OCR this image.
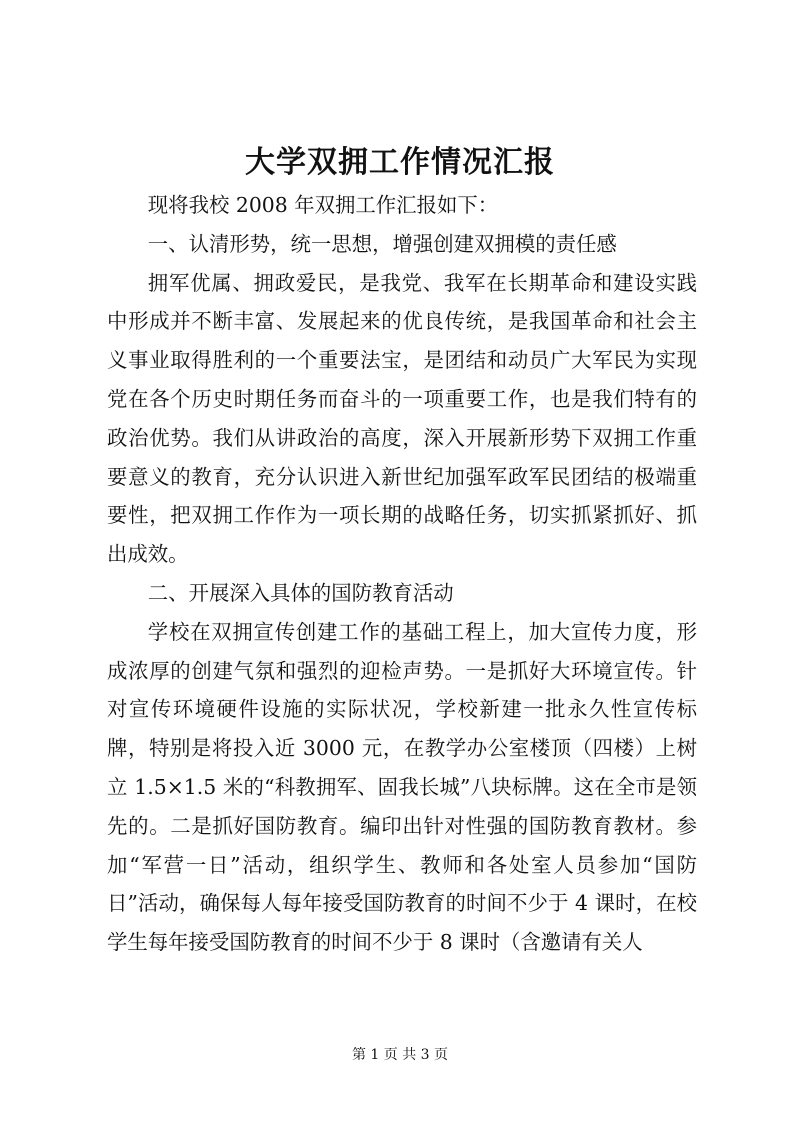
大学双拥工作情况汇报

现将我校 2008 年双拥工作汇报如下：

一、认清形势，统一思想，增强创建双拥模的责任感

拥军优属、拥政爱民，是我党、我军在长期革命和建设实践中形成并不断丰富、发展起来的优良传统，是我国革命和社会主义事业取得胜利的一个重要法宝，是团结和动员广大军民为实现党在各个历史时期任务而奋斗的一项重要工作，也是我们特有的政治优势。我们从讲政治的高度，深入开展新形势下双拥工作重要意义的教育，充分认识进入新世纪加强军政军民团结的极端重要性，把双拥工作作为一项长期的战略任务，切实抓紧抓好、抓出成效。

二、开展深入具体的国防教育活动

学校在双拥宣传创建工作的基础工程上，加大宣传力度，形成浓厚的创建气氛和强烈的迎检声势。一是抓好大环境宣传。针对宣传环境硬件设施的实际状况，学校新建一批永久性宣传标牌，特别是将投入近 3000 元，在教学办公室楼顶（四楼）上树立 1.5×1.5 米的“科教拥军、固我长城”八块标牌。这在全市是领先的。二是抓好国防教育。编印出针对性强的国防教育教材。参加“军营一日”活动，组织学生、教师和各处室人员参加“国防日”活动，确保每人每年接受国防教育的时间不少于 4 课时，在校学生每年接受国防教育的时间不少于 8 课时（含邀请有关人

第 1 页 共 3 页
